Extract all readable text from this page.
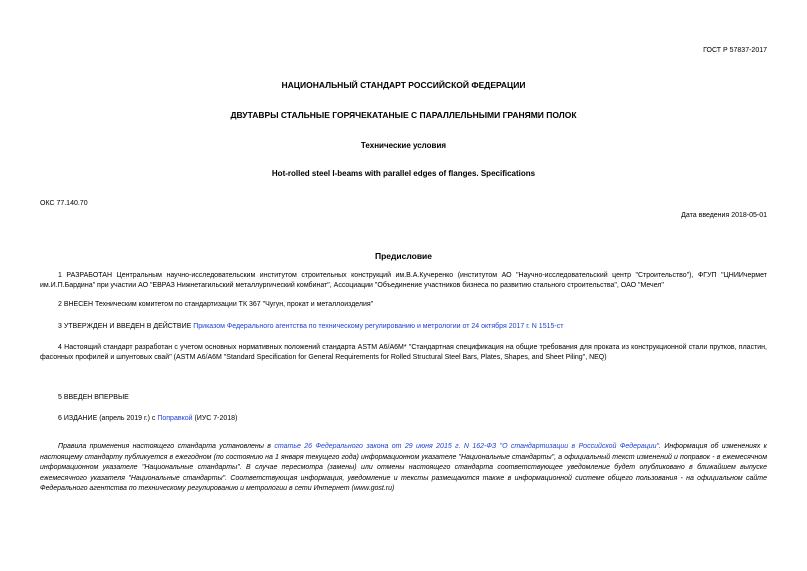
ГОСТ Р 57837-2017
НАЦИОНАЛЬНЫЙ СТАНДАРТ РОССИЙСКОЙ ФЕДЕРАЦИИ
ДВУТАВРЫ СТАЛЬНЫЕ ГОРЯЧЕКАТАНЫЕ С ПАРАЛЛЕЛЬНЫМИ ГРАНЯМИ ПОЛОК
Технические условия
Hot-rolled steel I-beams with parallel edges of flanges. Specifications
ОКС 77.140.70
Дата введения 2018-05-01
Предисловие
1 РАЗРАБОТАН Центральным научно-исследовательским институтом строительных конструкций им.В.А.Кучеренко (институтом АО "Научно-исследовательский центр "Строительство"), ФГУП "ЦНИИчермет им.И.П.Бардина" при участии АО "ЕВРАЗ Нижнетагильский металлургический комбинат", Ассоциации "Объединение участников бизнеса по развитию стального строительства", ОАО "Мечел"
2 ВНЕСЕН Техническим комитетом по стандартизации ТК 367 "Чугун, прокат и металлоизделия"
3 УТВЕРЖДЕН И ВВЕДЕН В ДЕЙСТВИЕ Приказом Федерального агентства по техническому регулированию и метрологии от 24 октября 2017 г. N 1515-ст
4 Настоящий стандарт разработан с учетом основных нормативных положений стандарта ASTM A6/A6M* "Стандартная спецификация на общие требования для проката из конструкционной стали прутков, пластин, фасонных профилей и шпунтовых свай" (ASTM A6/A6M "Standard Specification for General Requirements for Rolled Structural Steel Bars, Plates, Shapes, and Sheet Piling", NEQ)
5 ВВЕДЕН ВПЕРВЫЕ
6 ИЗДАНИЕ (апрель 2019 г.) с Поправкой (ИУС 7-2018)
Правила применения настоящего стандарта установлены в статье 26 Федерального закона от 29 июня 2015 г. N 162-ФЗ "О стандартизации в Российской Федерации". Информация об изменениях к настоящему стандарту публикуется в ежегодном (по состоянию на 1 января текущего года) информационном указателе "Национальные стандарты", а официальный текст изменений и поправок - в ежемесячном информационном указателе "Национальные стандарты". В случае пересмотра (замены) или отмены настоящего стандарта соответствующее уведомление будет опубликовано в ближайшем выпуске ежемесячного указателя "Национальные стандарты". Соответствующая информация, уведомление и тексты размещаются также в информационной системе общего пользования - на официальном сайте Федерального агентства по техническому регулированию и метрологии в сети Интернет (www.gost.ru)
